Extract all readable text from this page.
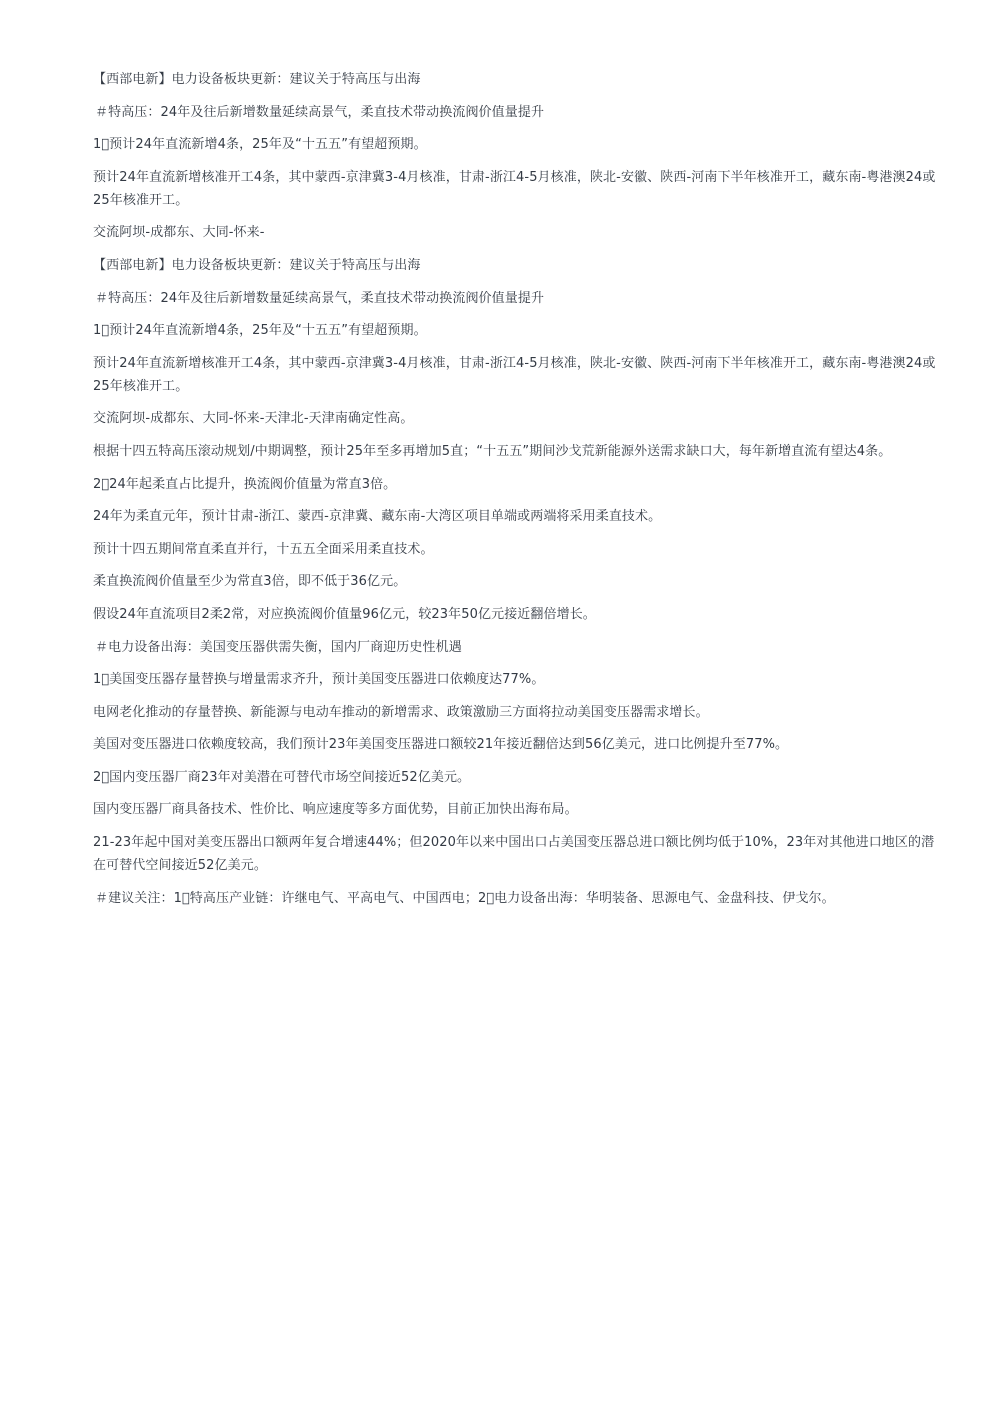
【西部电新】电力设备板块更新：建议关于特高压与出海

＃特高压：24年及往后新增数量延续高景气，柔直技术带动换流阀价值量提升

1⃣预计24年直流新增4条，25年及“十五五”有望超预期。

预计24年直流新增核准开工4条，其中蒙西-京津冀3-4月核准，甘肃-浙江4-5月核准，陕北-安徽、陕西-河南下半年核准开工，藏东南-粤港澳24或25年核准开工。

交流阿坝-成都东、大同-怀来-

【西部电新】电力设备板块更新：建议关于特高压与出海

＃特高压：24年及往后新增数量延续高景气，柔直技术带动换流阀价值量提升

1⃣预计24年直流新增4条，25年及“十五五”有望超预期。

预计24年直流新增核准开工4条，其中蒙西-京津冀3-4月核准，甘肃-浙江4-5月核准，陕北-安徽、陕西-河南下半年核准开工，藏东南-粤港澳24或25年核准开工。

交流阿坝-成都东、大同-怀来-天津北-天津南确定性高。

根据十四五特高压滚动规划/中期调整，预计25年至多再增加5直；“十五五”期间沙戈荒新能源外送需求缺口大，每年新增直流有望达4条。

2⃣24年起柔直占比提升，换流阀价值量为常直3倍。

24年为柔直元年，预计甘肃-浙江、蒙西-京津冀、藏东南-大湾区项目单端或两端将采用柔直技术。

预计十四五期间常直柔直并行，十五五全面采用柔直技术。

柔直换流阀价值量至少为常直3倍，即不低于36亿元。

假设24年直流项目2柔2常，对应换流阀价值量96亿元，较23年50亿元接近翻倍增长。

＃电力设备出海：美国变压器供需失衡，国内厂商迎历史性机遇

1⃣美国变压器存量替换与增量需求齐升，预计美国变压器进口依赖度达77%。

电网老化推动的存量替换、新能源与电动车推动的新增需求、政策激励三方面将拉动美国变压器需求增长。

美国对变压器进口依赖度较高，我们预计23年美国变压器进口额较21年接近翻倍达到56亿美元，进口比例提升至77%。

2⃣国内变压器厂商23年对美潜在可替代市场空间接近52亿美元。

国内变压器厂商具备技术、性价比、响应速度等多方面优势，目前正加快出海布局。

21-23年起中国对美变压器出口额两年复合增速44%；但2020年以来中国出口占美国变压器总进口额比例均低于10%，23年对其他进口地区的潜在可替代空间接近52亿美元。

＃建议关注：1⃣特高压产业链：许继电气、平高电气、中国西电；2⃣电力设备出海：华明装备、思源电气、金盘科技、伊戈尔。
